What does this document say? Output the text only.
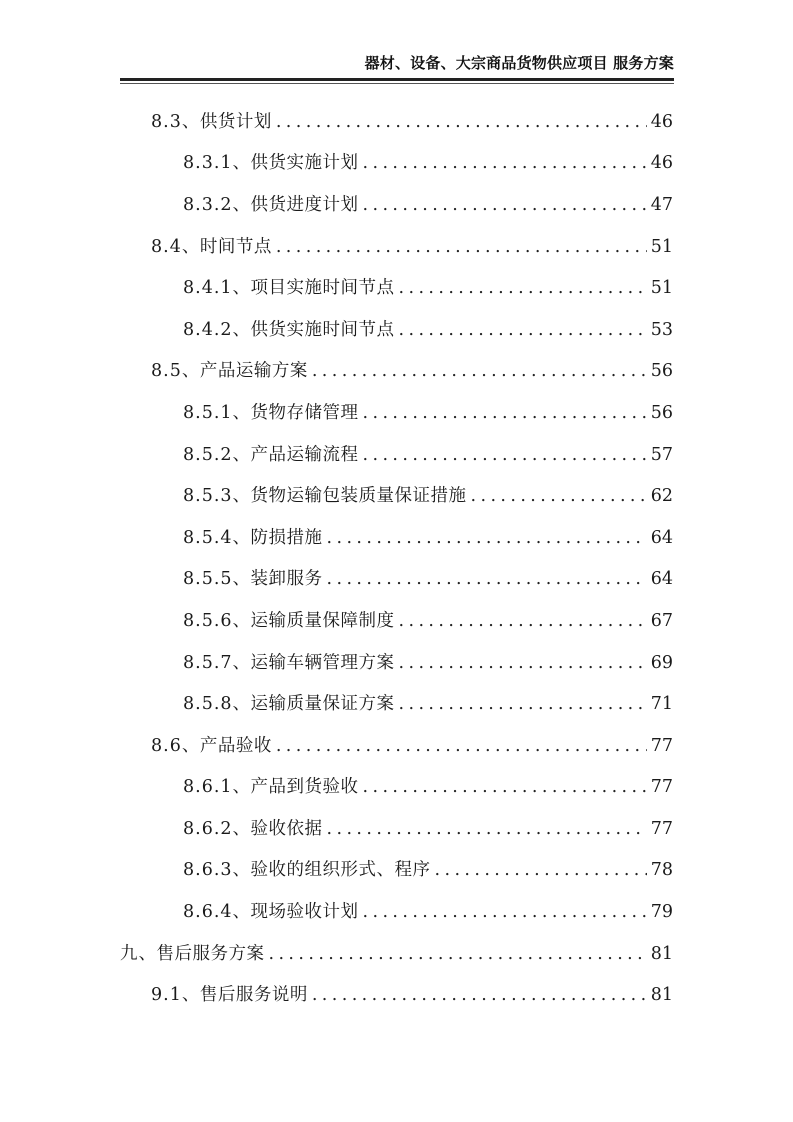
器材、设备、大宗商品货物供应项目 服务方案
8.3 、供货计划 .....	46
8.3.1 、供货实施计划 .....	46
8.3.2 、供货进度计划 .....	47
8.4 、时间节点 .....	51
8.4.1 、项目实施时间节点 .....	51
8.4.2 、供货实施时间节点 .....	53
8.5 、产品运输方案 .....	56
8.5.1 、货物存储管理 .....	56
8.5.2 、产品运输流程 .....	57
8.5.3 、货物运输包装质量保证措施 .....	62
8.5.4 、防损措施 .....	64
8.5.5 、装卸服务 .....	64
8.5.6 、运输质量保障制度 .....	67
8.5.7 、运输车辆管理方案 .....	69
8.5.8 、运输质量保证方案 .....	71
8.6 、产品验收 .....	77
8.6.1 、产品到货验收 .....	77
8.6.2 、验收依据 .....	77
8.6.3 、验收的组织形式、程序 .....	78
8.6.4 、现场验收计划 .....	79
九 、售后服务方案 .....	81
9.1 、售后服务说明 .....	81
